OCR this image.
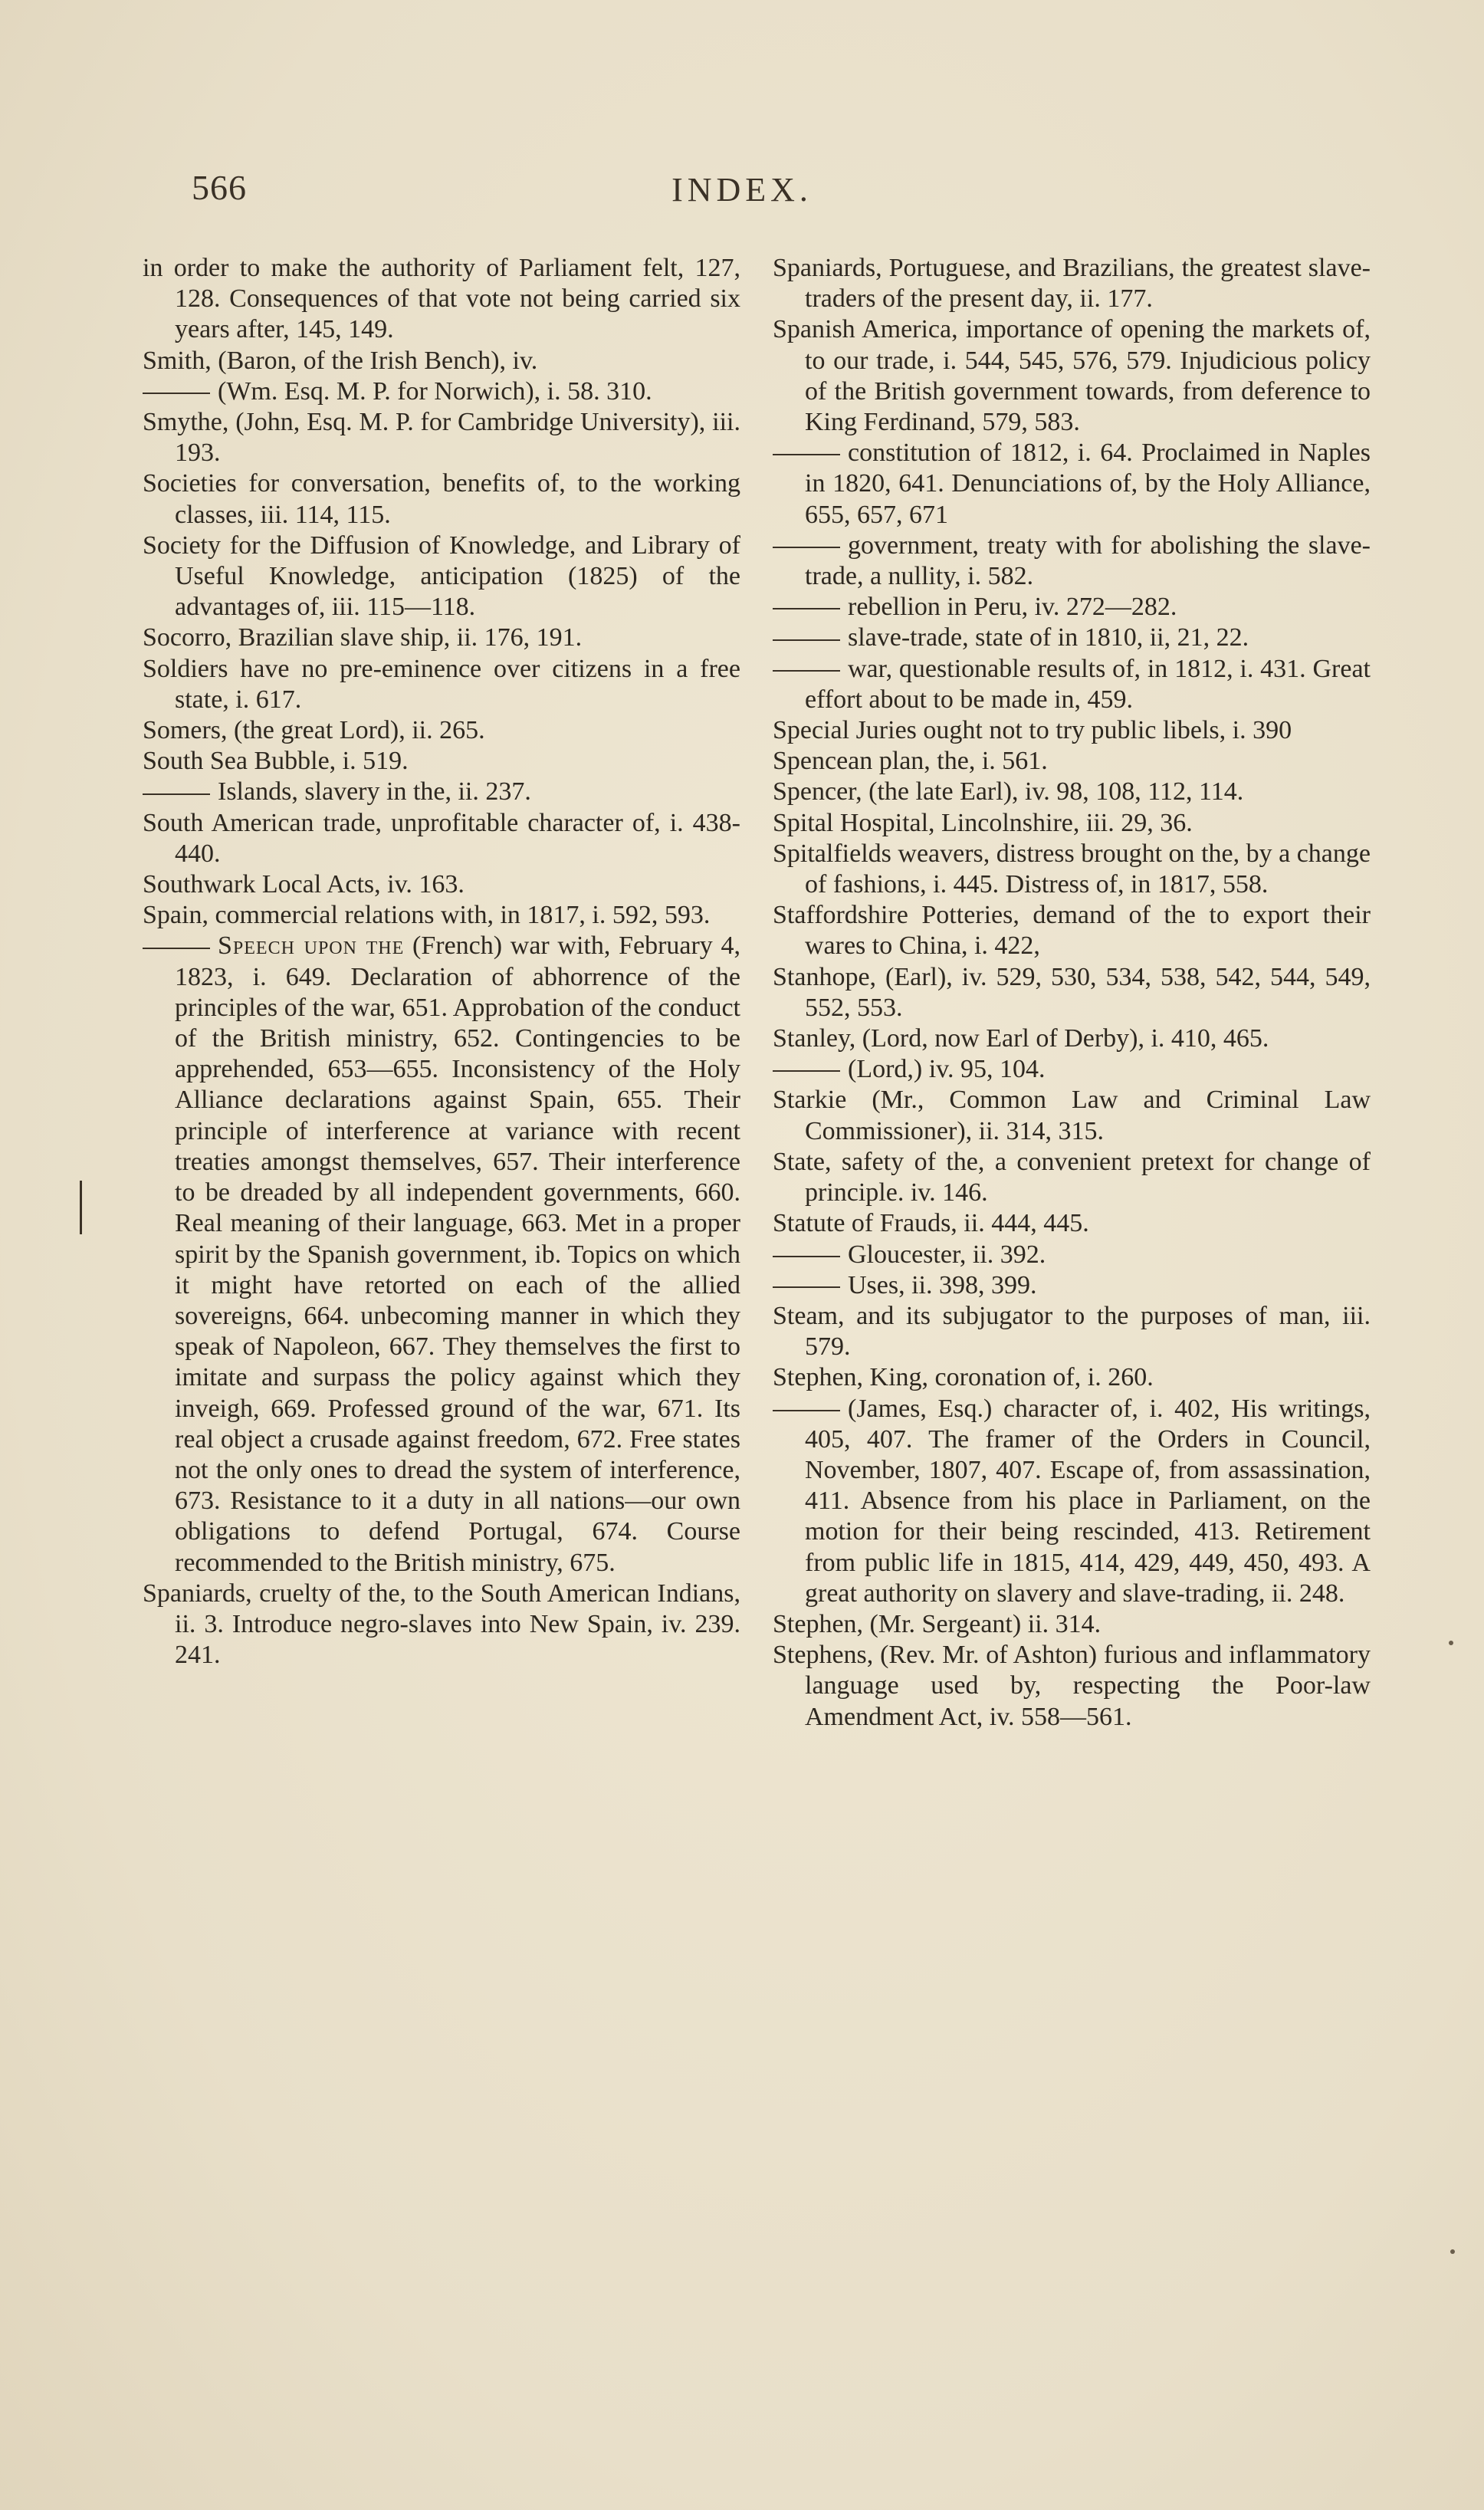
566	INDEX.

in order to make the authority of Parliament felt, 127, 128. Consequences of that vote not being carried six years after, 145, 149.

Smith, (Baron, of the Irish Bench), iv.

(Wm. Esq. M. P. for Norwich), i. 58. 310.

Smythe, (John, Esq. M. P. for Cambridge University), iii. 193.

Societies for conversation, benefits of, to the working classes, iii. 114, 115.

Society for the Diffusion of Knowledge, and Library of Useful Knowledge, anticipation (1825) of the advantages of, iii. 115—118.

Socorro, Brazilian slave ship, ii. 176, 191.

Soldiers have no pre-eminence over citizens in a free state, i. 617.

Somers, (the great Lord), ii. 265.

South Sea Bubble, i. 519.

Islands, slavery in the, ii. 237.

South American trade, unprofitable character of, i. 438-440.

Southwark Local Acts, iv. 163.

Spain, commercial relations with, in 1817, i. 592, 593.

Speech upon the (French) war with, February 4, 1823, i. 649. Declaration of abhorrence of the principles of the war, 651. Approbation of the conduct of the British ministry, 652. Contingencies to be apprehended, 653—655. Inconsistency of the Holy Alliance declarations against Spain, 655. Their principle of interference at variance with recent treaties amongst themselves, 657. Their interference to be dreaded by all independent governments, 660. Real meaning of their language, 663. Met in a proper spirit by the Spanish government, ib. Topics on which it might have retorted on each of the allied sovereigns, 664. unbecoming manner in which they speak of Napoleon, 667. They themselves the first to imitate and surpass the policy against which they inveigh, 669. Professed ground of the war, 671. Its real object a crusade against freedom, 672. Free states not the only ones to dread the system of interference, 673. Resistance to it a duty in all nations—our own obligations to defend Portugal, 674. Course recommended to the British ministry, 675.

Spaniards, cruelty of the, to the South American Indians, ii. 3. Introduce negro-slaves into New Spain, iv. 239. 241.

Spaniards, Portuguese, and Brazilians, the greatest slave-traders of the present day, ii. 177.

Spanish America, importance of opening the markets of, to our trade, i. 544, 545, 576, 579. Injudicious policy of the British government towards, from deference to King Ferdinand, 579, 583.

constitution of 1812, i. 64. Proclaimed in Naples in 1820, 641. Denunciations of, by the Holy Alliance, 655, 657, 671

government, treaty with for abolishing the slave-trade, a nullity, i. 582.

rebellion in Peru, iv. 272—282.

slave-trade, state of in 1810, ii, 21, 22.

war, questionable results of, in 1812, i. 431. Great effort about to be made in, 459.

Special Juries ought not to try public libels, i. 390

Spencean plan, the, i. 561.

Spencer, (the late Earl), iv. 98, 108, 112, 114.

Spital Hospital, Lincolnshire, iii. 29, 36.

Spitalfields weavers, distress brought on the, by a change of fashions, i. 445. Distress of, in 1817, 558.

Staffordshire Potteries, demand of the to export their wares to China, i. 422,

Stanhope, (Earl), iv. 529, 530, 534, 538, 542, 544, 549, 552, 553.

Stanley, (Lord, now Earl of Derby), i. 410, 465.

(Lord,) iv. 95, 104.

Starkie (Mr., Common Law and Criminal Law Commissioner), ii. 314, 315.

State, safety of the, a convenient pretext for change of principle. iv. 146.

Statute of Frauds, ii. 444, 445.

Gloucester, ii. 392.

Uses, ii. 398, 399.

Steam, and its subjugator to the purposes of man, iii. 579.

Stephen, King, coronation of, i. 260.

(James, Esq.) character of, i. 402, His writings, 405, 407. The framer of the Orders in Council, November, 1807, 407. Escape of, from assassination, 411. Absence from his place in Parliament, on the motion for their being rescinded, 413. Retirement from public life in 1815, 414, 429, 449, 450, 493. A great authority on slavery and slave-trading, ii. 248.

Stephen, (Mr. Sergeant) ii. 314.

Stephens, (Rev. Mr. of Ashton) furious and inflammatory language used by, respecting the Poor-law Amendment Act, iv. 558—561.
